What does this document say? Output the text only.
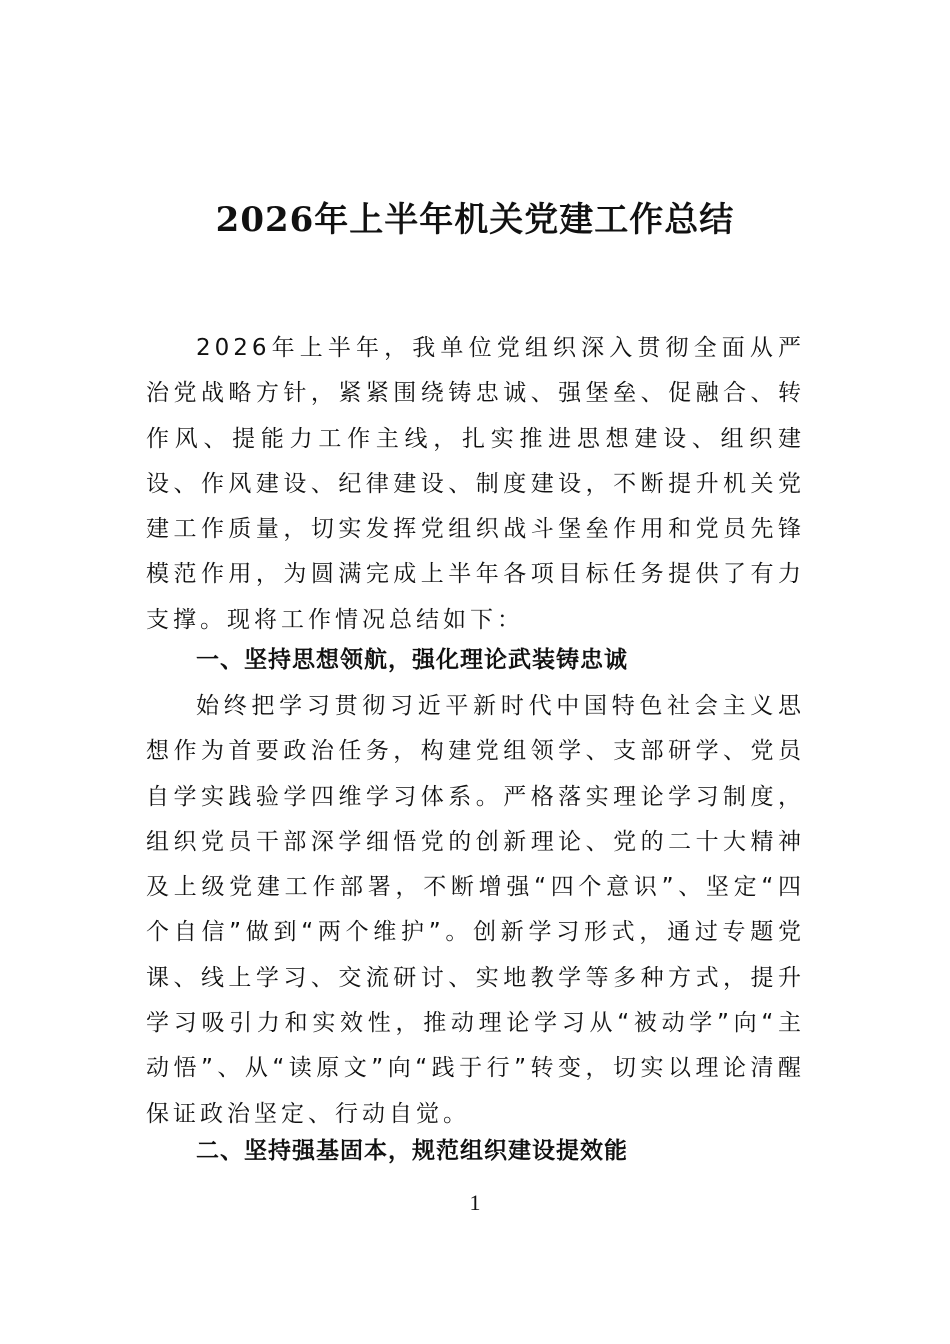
2026年上半年机关党建工作总结

2026年上半年，我单位党组织深入贯彻全面从严治党战略方针，紧紧围绕铸忠诚、强堡垒、促融合、转作风、提能力工作主线，扎实推进思想建设、组织建设、作风建设、纪律建设、制度建设，不断提升机关党建工作质量，切实发挥党组织战斗堡垒作用和党员先锋模范作用，为圆满完成上半年各项目标任务提供了有力支撑。现将工作情况总结如下：

一、坚持思想领航，强化理论武装铸忠诚

始终把学习贯彻习近平新时代中国特色社会主义思想作为首要政治任务，构建党组领学、支部研学、党员自学实践验学四维学习体系。严格落实理论学习制度，组织党员干部深学细悟党的创新理论、党的二十大精神及上级党建工作部署，不断增强“四个意识”、坚定“四个自信”做到“两个维护”。创新学习形式，通过专题党课、线上学习、交流研讨、实地教学等多种方式，提升学习吸引力和实效性，推动理论学习从“被动学”向“主动悟”、从“读原文”向“践于行”转变，切实以理论清醒保证政治坚定、行动自觉。

二、坚持强基固本，规范组织建设提效能
1
